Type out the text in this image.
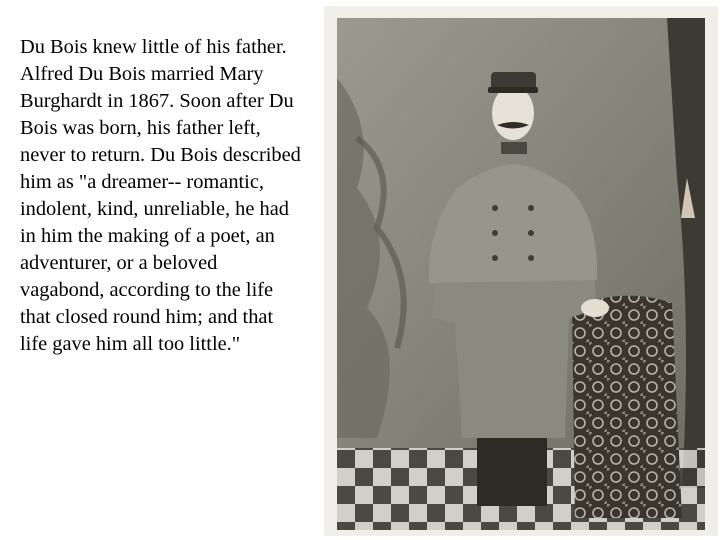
Du Bois knew little of his father. Alfred Du Bois married Mary Burghardt in 1867. Soon after Du Bois was born, his father left, never to return. Du Bois described him as "a dreamer-- romantic, indolent, kind, unreliable, he had in him the making of a poet, an adventurer, or a beloved vagabond, according to the life that closed round him; and that life gave him all too little."
